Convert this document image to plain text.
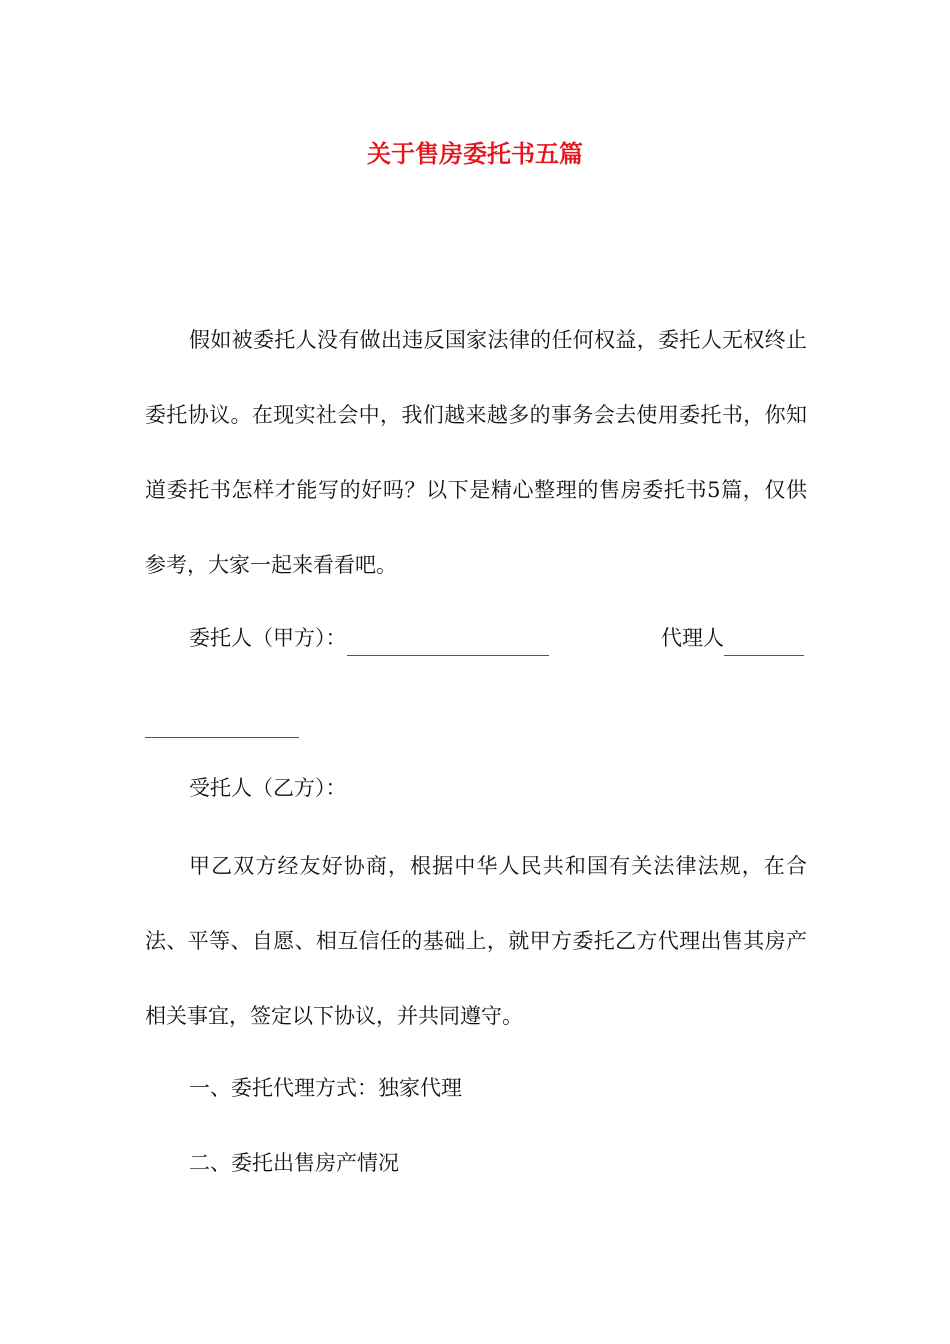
关于售房委托书五篇
假如被委托人没有做出违反国家法律的任何权益，委托人无权终止委托协议。在现实社会中，我们越来越多的事务会去使用委托书，你知道委托书怎样才能写的好吗？以下是精心整理的售房委托书5篇，仅供参考，大家一起来看看吧。
委托人（甲方）：	代理人
受托人（乙方）：
甲乙双方经友好协商，根据中华人民共和国有关法律法规，在合法、平等、自愿、相互信任的基础上，就甲方委托乙方代理出售其房产相关事宜，签定以下协议，并共同遵守。
一、委托代理方式：独家代理
二、委托出售房产情况
